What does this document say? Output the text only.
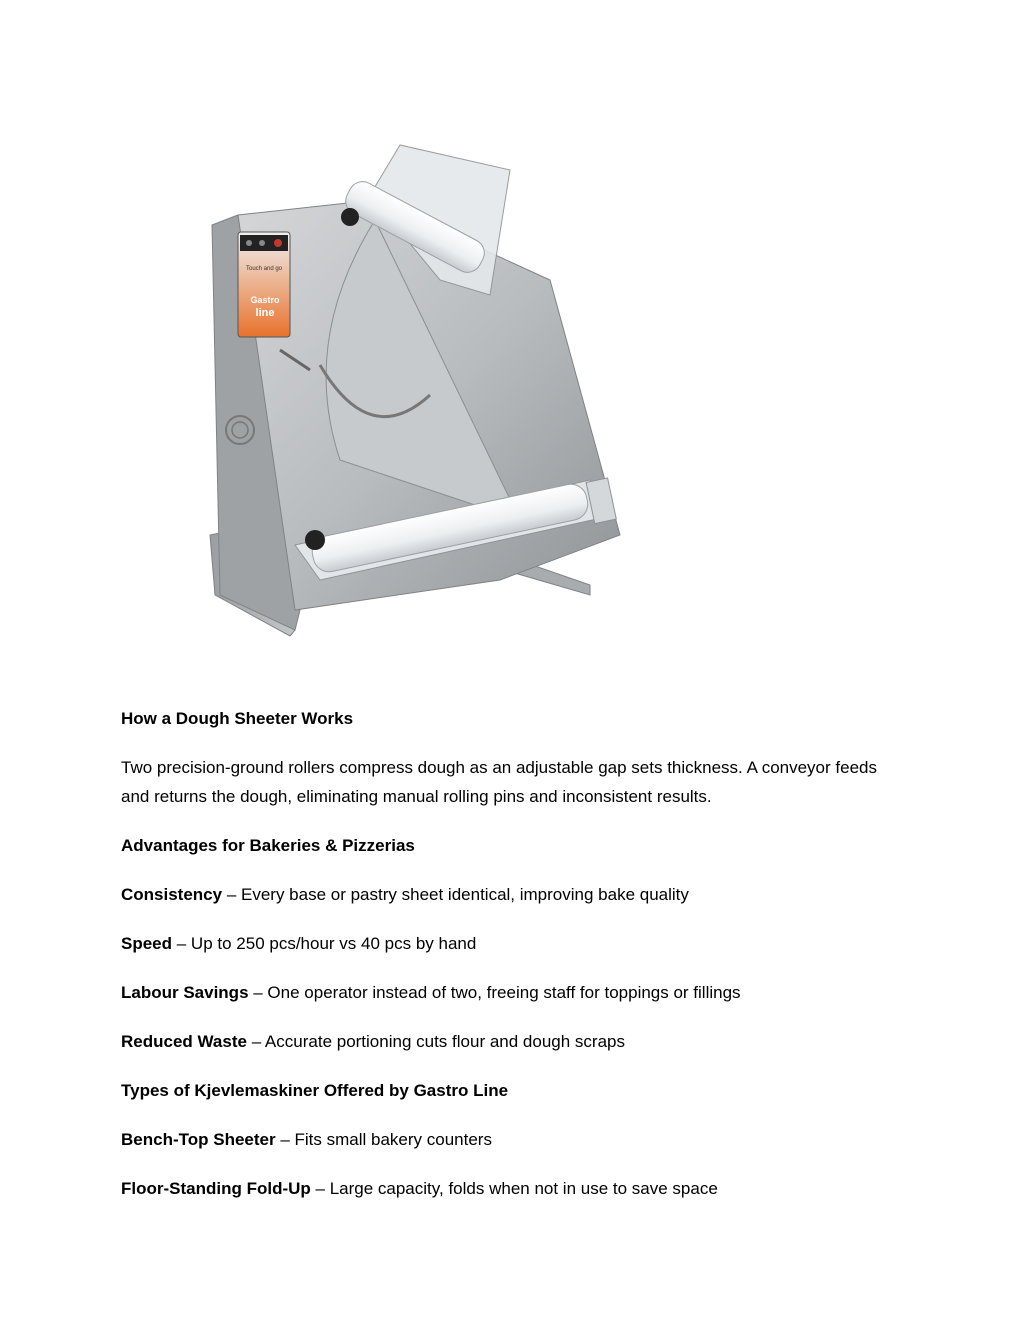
Touch and go
Gastro
line

How a Dough Sheeter Works

Two precision-ground rollers compress dough as an adjustable gap sets thickness. A conveyor feeds and returns the dough, eliminating manual rolling pins and inconsistent results.

Advantages for Bakeries & Pizzerias

Consistency – Every base or pastry sheet identical, improving bake quality

Speed – Up to 250 pcs/hour vs 40 pcs by hand

Labour Savings – One operator instead of two, freeing staff for toppings or fillings

Reduced Waste – Accurate portioning cuts flour and dough scraps

Types of Kjevlemaskiner Offered by Gastro Line

Bench-Top Sheeter – Fits small bakery counters

Floor-Standing Fold-Up – Large capacity, folds when not in use to save space
